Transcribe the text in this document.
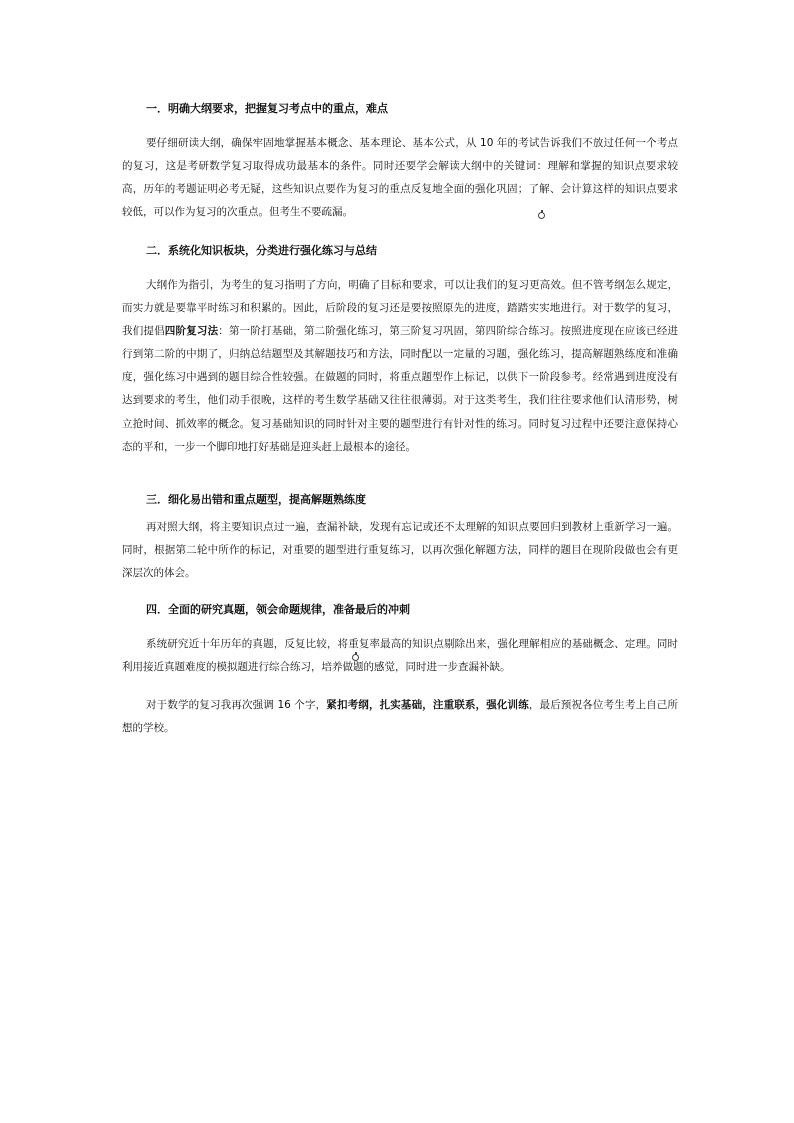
一．明确大纲要求，把握复习考点中的重点，难点
要仔细研读大纲，确保牢固地掌握基本概念、基本理论、基本公式，从 10 年的考试告诉我们不放过任何一个考点的复习，这是考研数学复习取得成功最基本的条件。同时还要学会解读大纲中的关键词：理解和掌握的知识点要求较高，历年的考题证明必考无疑，这些知识点要作为复习的重点反复地全面的强化巩固；了解、会计算这样的知识点要求较低，可以作为复习的次重点。但考生不要疏漏。
二．系统化知识板块，分类进行强化练习与总结
大纲作为指引，为考生的复习指明了方向，明确了目标和要求，可以让我们的复习更高效。但不管考纲怎么规定，而实力就是要靠平时练习和积累的。因此，后阶段的复习还是要按照原先的进度，踏踏实实地进行。对于数学的复习，我们提倡四阶复习法：第一阶打基础，第二阶强化练习，第三阶复习巩固，第四阶综合练习。按照进度现在应该已经进行到第二阶的中期了，归纳总结题型及其解题技巧和方法，同时配以一定量的习题，强化练习，提高解题熟练度和准确度，强化练习中遇到的题目综合性较强。在做题的同时，将重点题型作上标记，以供下一阶段参考。经常遇到进度没有达到要求的考生，他们动手很晚，这样的考生数学基础又往往很薄弱。对于这类考生，我们往往要求他们认清形势，树立抢时间、抓效率的概念。复习基础知识的同时针对主要的题型进行有针对性的练习。同时复习过程中还要注意保持心态的平和，一步一个脚印地打好基础是迎头赶上最根本的途径。
三．细化易出错和重点题型，提高解题熟练度
再对照大纲，将主要知识点过一遍，查漏补缺，发现有忘记或还不太理解的知识点要回归到教材上重新学习一遍。同时，根据第二轮中所作的标记，对重要的题型进行重复练习，以再次强化解题方法，同样的题目在现阶段做也会有更深层次的体会。
四．全面的研究真题，领会命题规律，准备最后的冲刺
系统研究近十年历年的真题，反复比较，将重复率最高的知识点剔除出来，强化理解相应的基础概念、定理。同时利用接近真题难度的模拟题进行综合练习，培养做题的感觉，同时进一步查漏补缺。
对于数学的复习我再次强调 16 个字，紧扣考纲，扎实基础，注重联系，强化训练，最后预祝各位考生考上自己所想的学校。
